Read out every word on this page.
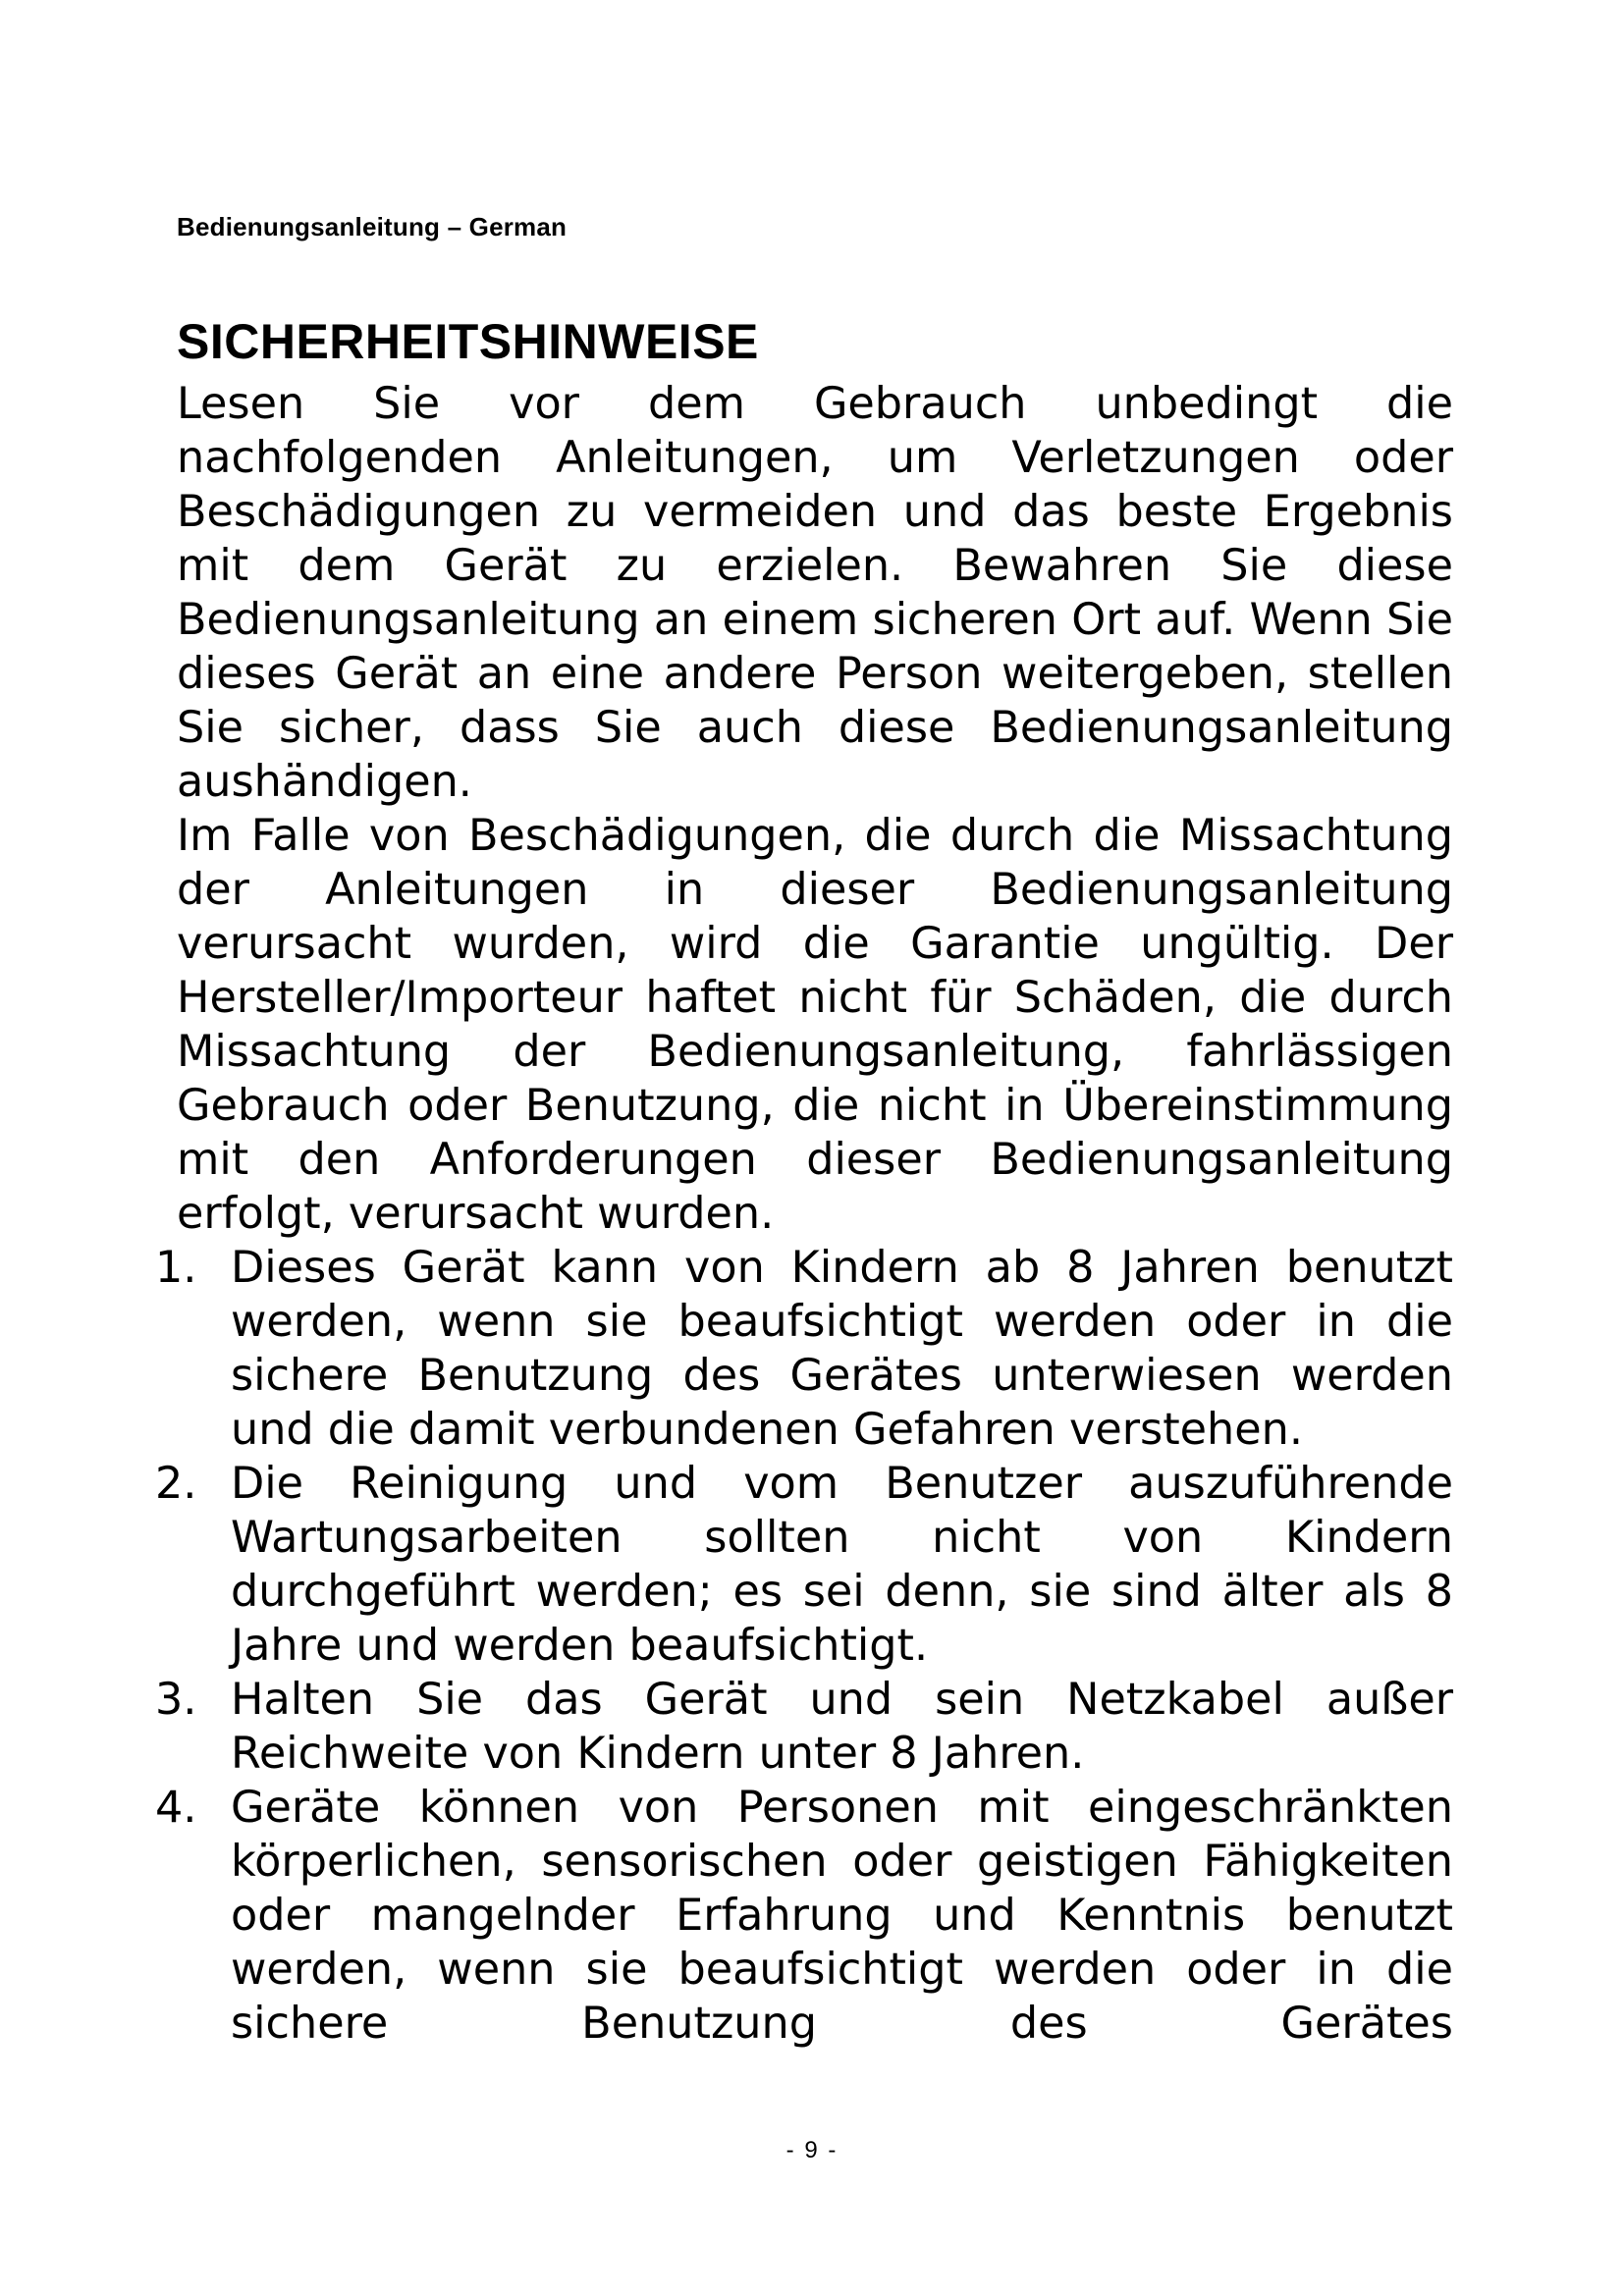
Bedienungsanleitung – German
SICHERHEITSHINWEISE

Lesen Sie vor dem Gebrauch unbedingt die nachfolgenden Anleitungen, um Verletzungen oder Beschädigungen zu vermeiden und das beste Ergebnis mit dem Gerät zu erzielen. Bewahren Sie diese Bedienungsanleitung an einem sicheren Ort auf. Wenn Sie dieses Gerät an eine andere Person weitergeben, stellen Sie sicher, dass Sie auch diese Bedienungsanleitung aushändigen.

Im Falle von Beschädigungen, die durch die Missachtung der Anleitungen in dieser Bedienungsanleitung verursacht wurden, wird die Garantie ungültig. Der Hersteller/Importeur haftet nicht für Schäden, die durch Missachtung der Bedienungsanleitung, fahrlässigen Gebrauch oder Benutzung, die nicht in Übereinstimmung mit den Anforderungen dieser Bedienungsanleitung erfolgt, verursacht wurden.

1. Dieses Gerät kann von Kindern ab 8 Jahren benutzt werden, wenn sie beaufsichtigt werden oder in die sichere Benutzung des Gerätes unterwiesen werden und die damit verbundenen Gefahren verstehen.
2. Die Reinigung und vom Benutzer auszuführende Wartungsarbeiten sollten nicht von Kindern durchgeführt werden; es sei denn, sie sind älter als 8 Jahre und werden beaufsichtigt.
3. Halten Sie das Gerät und sein Netzkabel außer Reichweite von Kindern unter 8 Jahren.
4. Geräte können von Personen mit eingeschränkten körperlichen, sensorischen oder geistigen Fähigkeiten oder mangelnder Erfahrung und Kenntnis benutzt werden, wenn sie beaufsichtigt werden oder in die sichere Benutzung des Gerätes
- 9 -
